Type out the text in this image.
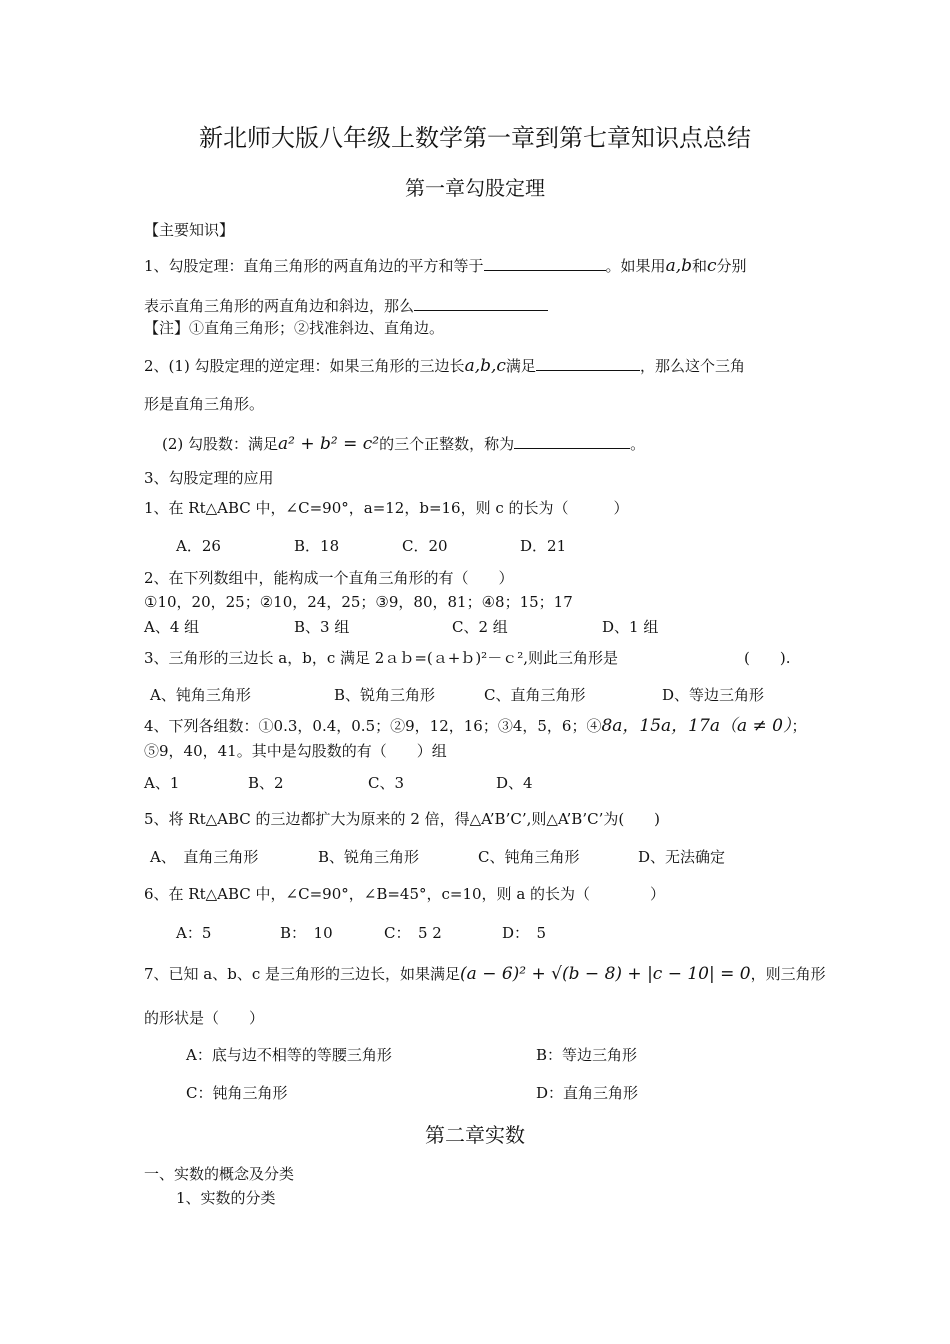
新北师大版八年级上数学第一章到第七章知识点总结
第一章勾股定理
【主要知识】
1、勾股定理：直角三角形的两直角边的平方和等于	。如果用a,b和c分别
表示直角三角形的两直角边和斜边，那么
【注】①直角三角形；②找准斜边、直角边。
2、(1) 勾股定理的逆定理：如果三角形的三边长a,b,c满足	，那么这个三角
形是直角三角形。
(2) 勾股数：满足a² + b² = c²的三个正整数，称为	。
3、勾股定理的应用
1、在 Rt△ABC 中，∠C=90°，a=12，b=16，则 c 的长为（　　　）
A．26	B．18	C．20	D．21
2、在下列数组中，能构成一个直角三角形的有（　　）
①10，20，25；②10，24，25；③9，80，81；④8；15；17
A、4 组	B、3 组	C、2 组	D、1 组
3、三角形的三边长 a，b，c 满足 2ａｂ=(ａ+ｂ)²－ｃ²,则此三角形是	(　　).
A、钝角三角形	B、锐角三角形	C、直角三角形	D、等边三角形
4、下列各组数：①0.3，0.4，0.5；②9，12，16；③4，5，6；④8a，15a，17a（a ≠ 0）；
⑤9，40，41。其中是勾股数的有（　　）组
A、1	B、2	C、3	D、4
5、将 Rt△ABC 的三边都扩大为原来的 2 倍，得△A’B’C’,则△A’B’C’为(　　)
A、　直角三角形	B、锐角三角形	C、钝角三角形	D、无法确定
6、在 Rt△ABC 中，∠C=90°，∠B=45°，c=10，则 a 的长为（　　　　）
A：5	B：　10	C：　5 2	D：　5
7、已知 a、b、c 是三角形的三边长，如果满足(a − 6)² + √(b − 8) + |c − 10| = 0，则三角形
的形状是（　　）
A：底与边不相等的等腰三角形	B：等边三角形
C：钝角三角形	D：直角三角形
第二章实数
一、实数的概念及分类
1、实数的分类
